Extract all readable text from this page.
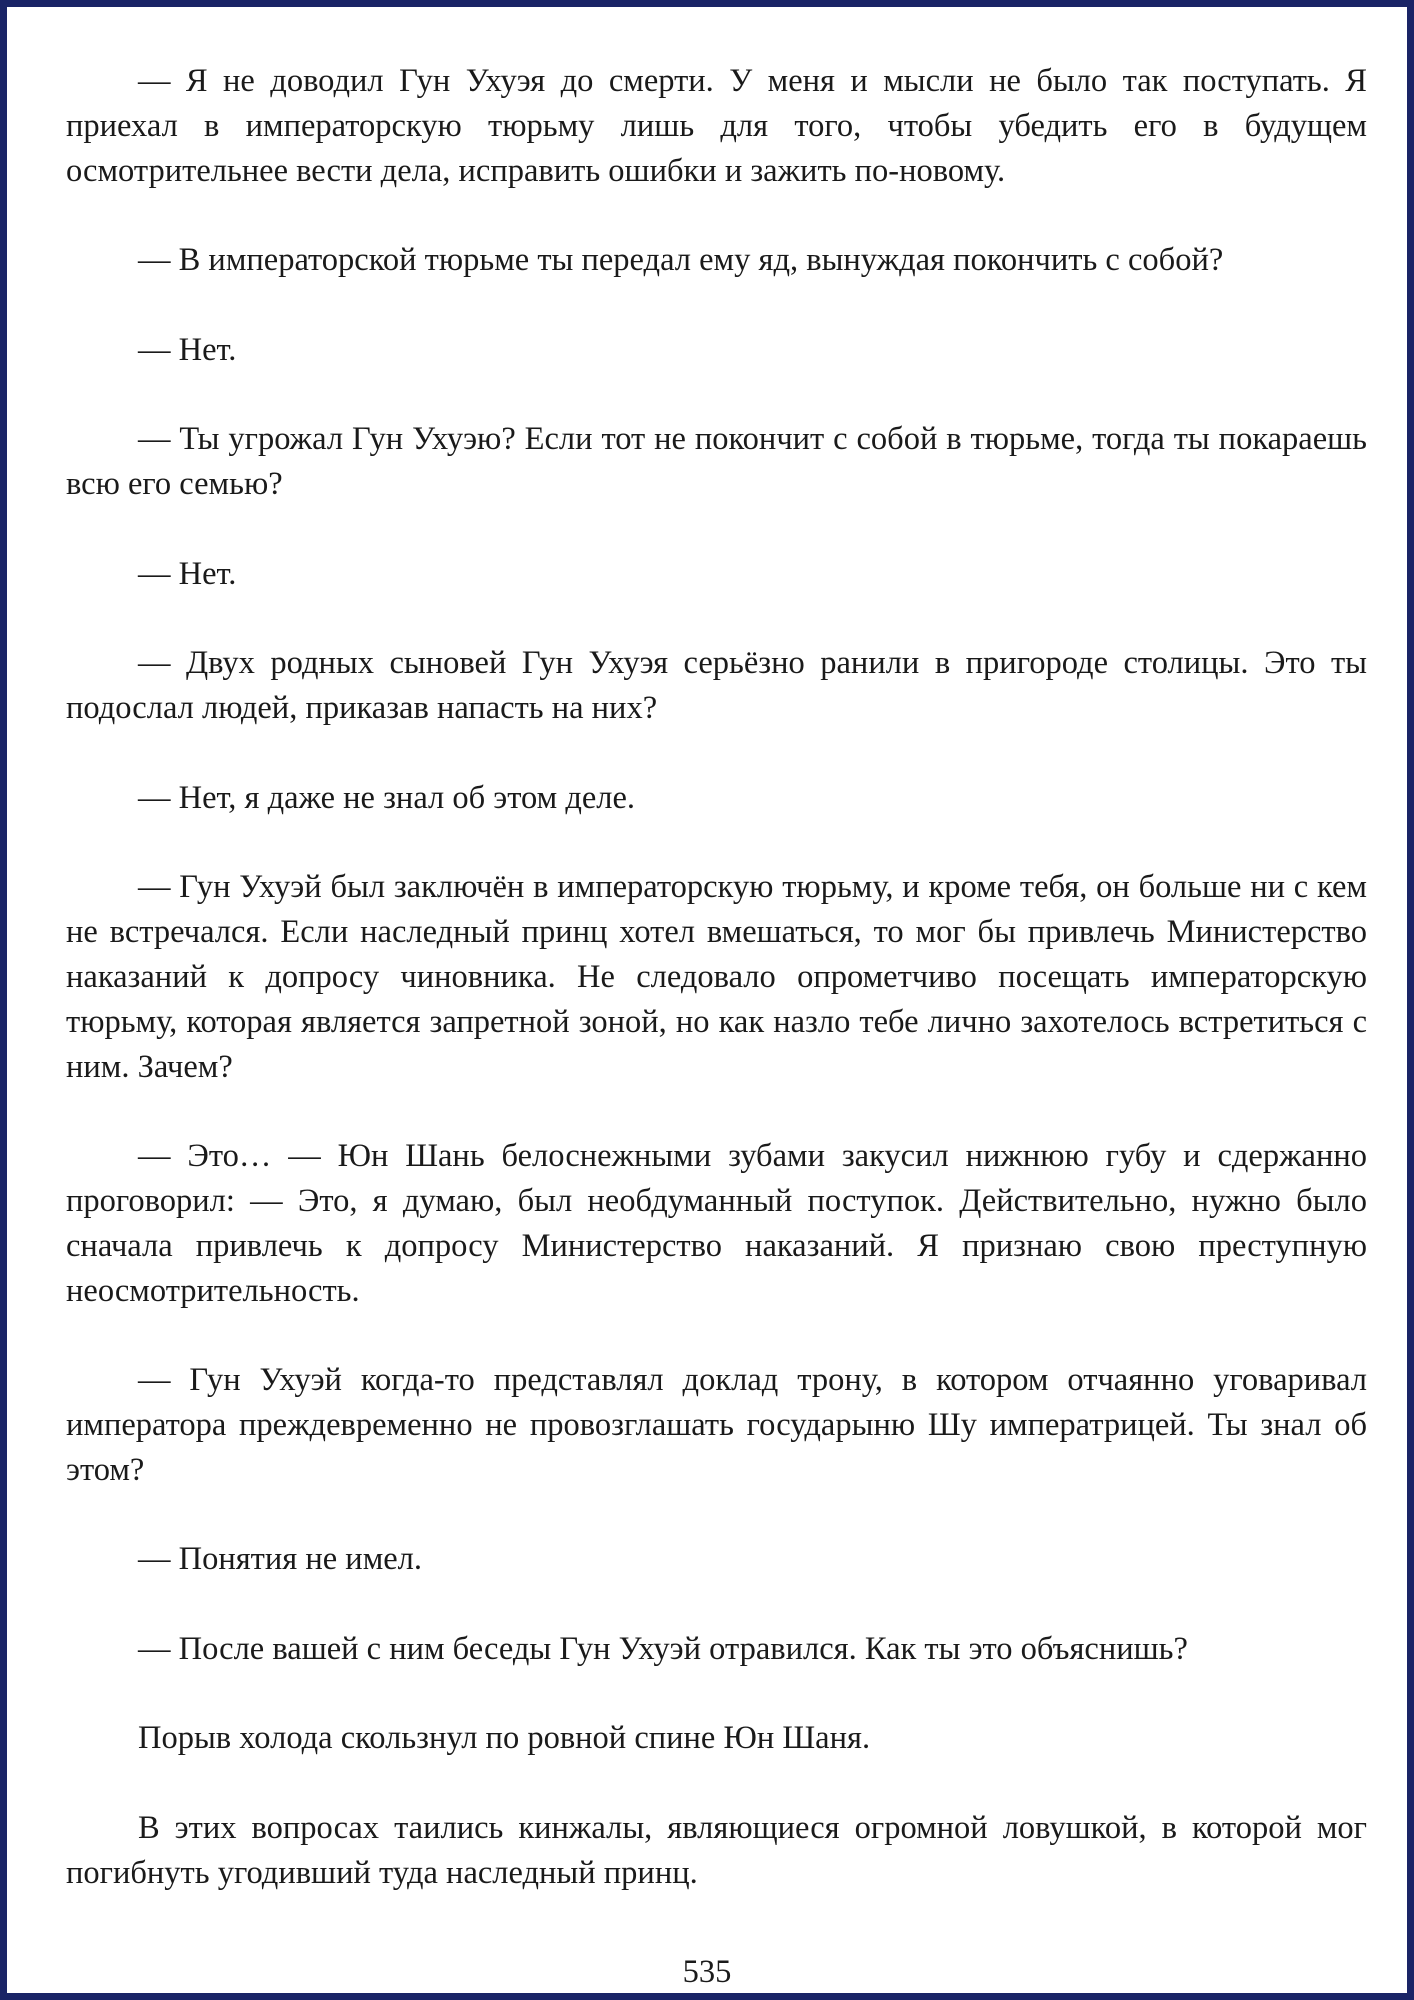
— Я не доводил Гун Ухуэя до смерти. У меня и мысли не было так поступать. Я приехал в императорскую тюрьму лишь для того, чтобы убедить его в будущем осмотрительнее вести дела, исправить ошибки и зажить по-новому.

— В императорской тюрьме ты передал ему яд, вынуждая покончить с собой?

— Нет.

— Ты угрожал Гун Ухуэю? Если тот не покончит с собой в тюрьме, тогда ты покараешь всю его семью?

— Нет.

— Двух родных сыновей Гун Ухуэя серьёзно ранили в пригороде столицы. Это ты подослал людей, приказав напасть на них?

— Нет, я даже не знал об этом деле.

— Гун Ухуэй был заключён в императорскую тюрьму, и кроме тебя, он больше ни с кем не встречался. Если наследный принц хотел вмешаться, то мог бы привлечь Министерство наказаний к допросу чиновника. Не следовало опрометчиво посещать императорскую тюрьму, которая является запретной зоной, но как назло тебе лично захотелось встретиться с ним. Зачем?

— Это… — Юн Шань белоснежными зубами закусил нижнюю губу и сдержанно проговорил: — Это, я думаю, был необдуманный поступок. Действительно, нужно было сначала привлечь к допросу Министерство наказаний. Я признаю свою преступную неосмотрительность.

— Гун Ухуэй когда-то представлял доклад трону, в котором отчаянно уговаривал императора преждевременно не провозглашать государыню Шу императрицей. Ты знал об этом?

— Понятия не имел.

— После вашей с ним беседы Гун Ухуэй отравился. Как ты это объяснишь?

Порыв холода скользнул по ровной спине Юн Шаня.

В этих вопросах таились кинжалы, являющиеся огромной ловушкой, в которой мог погибнуть угодивший туда наследный принц.

535
